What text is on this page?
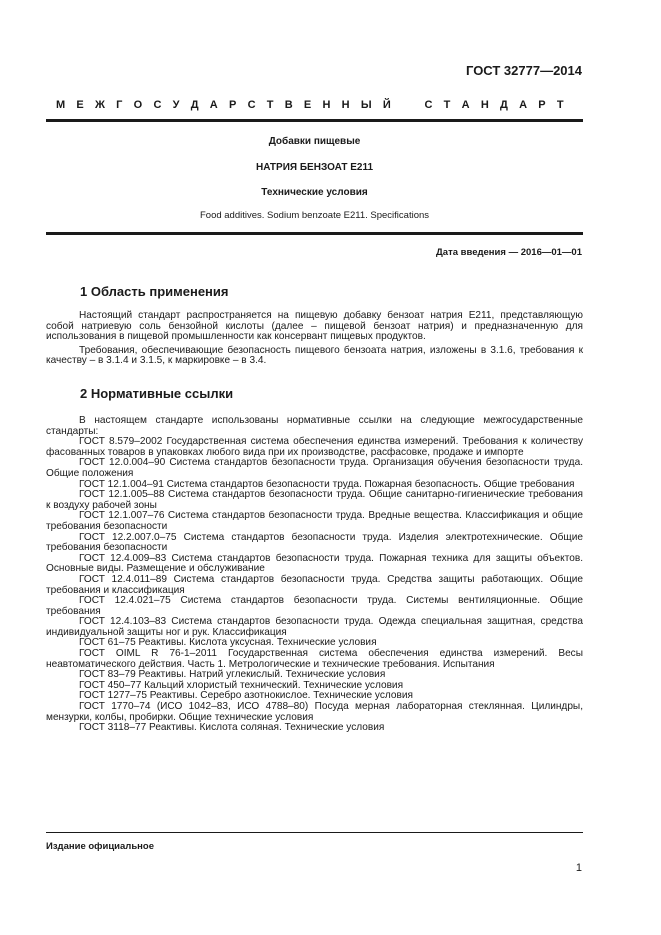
ГОСТ 32777—2014
М Е Ж Г О С У Д А Р С Т В Е Н Н Ы Й	С Т А Н Д А Р Т
Добавки пищевые
НАТРИЯ БЕНЗОАТ Е211
Технические условия
Food additives. Sodium benzoate E211. Specifications
Дата введения — 2016—01—01
1 Область применения

Настоящий стандарт распространяется на пищевую добавку бензоат натрия Е211, представляющую собой натриевую соль бензойной кислоты (далее – пищевой бензоат натрия) и предназначенную для использования в пищевой промышленности как консервант пищевых продуктов.

Требования, обеспечивающие безопасность пищевого бензоата натрия, изложены в 3.1.6, требования к качеству – в 3.1.4 и 3.1.5, к маркировке – в 3.4.

2 Нормативные ссылки

В настоящем стандарте использованы нормативные ссылки на следующие межгосударственные стандарты:

ГОСТ 8.579–2002 Государственная система обеспечения единства измерений. Требования к количеству фасованных товаров в упаковках любого вида при их производстве, расфасовке, продаже и импорте

ГОСТ 12.0.004–90 Система стандартов безопасности труда. Организация обучения безопасности труда. Общие положения

ГОСТ 12.1.004–91 Система стандартов безопасности труда. Пожарная безопасность. Общие требования

ГОСТ 12.1.005–88 Система стандартов безопасности труда. Общие санитарно-гигиенические требования к воздуху рабочей зоны

ГОСТ 12.1.007–76 Система стандартов безопасности труда. Вредные вещества. Классификация и общие требования безопасности

ГОСТ 12.2.007.0–75 Система стандартов безопасности труда. Изделия электротехнические. Общие требования безопасности

ГОСТ 12.4.009–83 Система стандартов безопасности труда. Пожарная техника для защиты объектов. Основные виды. Размещение и обслуживание

ГОСТ 12.4.011–89 Система стандартов безопасности труда. Средства защиты работающих. Общие требования и классификация

ГОСТ 12.4.021–75 Система стандартов безопасности труда. Системы вентиляционные. Общие требования

ГОСТ 12.4.103–83 Система стандартов безопасности труда. Одежда специальная защитная, средства индивидуальной защиты ног и рук. Классификация

ГОСТ 61–75 Реактивы. Кислота уксусная. Технические условия

ГОСТ OIML R 76-1–2011 Государственная система обеспечения единства измерений. Весы неавтоматического действия. Часть 1. Метрологические и технические требования. Испытания

ГОСТ 83–79 Реактивы. Натрий углекислый. Технические условия

ГОСТ 450–77 Кальций хлористый технический. Технические условия

ГОСТ 1277–75 Реактивы. Серебро азотнокислое. Технические условия

ГОСТ 1770–74 (ИСО 1042–83, ИСО 4788–80) Посуда мерная лабораторная стеклянная. Цилиндры, мензурки, колбы, пробирки. Общие технические условия

ГОСТ 3118–77 Реактивы. Кислота соляная. Технические условия

Издание официальное
1
